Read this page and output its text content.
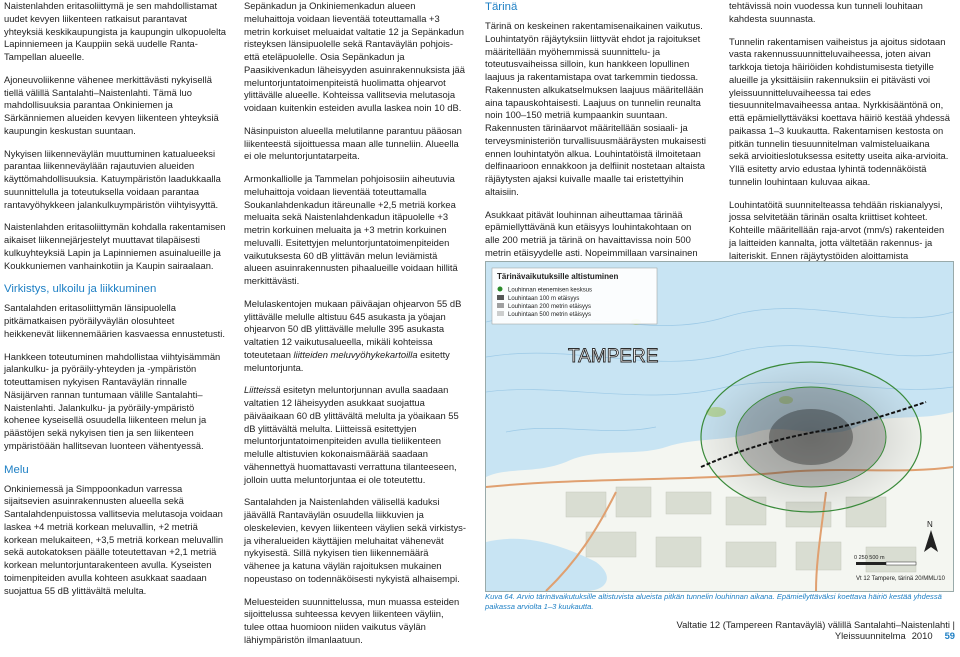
Naistenlahden eritasoliittymä je sen mahdollistamat uudet kevyen liikenteen ratkaisut parantavat yhteyksiä keskikaupungista ja kaupungin ulkopuolelta Lapinniemeen ja Kauppiin sekä uudelle Ranta-Tampellan alueelle.

Ajoneuvoliikenne vähenee merkittävästi nykyisellä tiellä välillä Santalahti–Naistenlahti. Tämä luo mahdollisuuksia parantaa Onkiniemen ja Särkänniemen alueiden kevyen liikenteen yhteyksiä kaupungin keskustan suuntaan.

Nykyisen liikenneväylän muuttuminen katualueeksi parantaa liikenneväylään rajautuvien alueiden käyttömahdollisuuksia. Katuympäristön laadukkaalla suunnittelulla ja toteutuksella voidaan parantaa rantavyöhykkeen jalankulkuympäristön viihtyisyyttä.

Naistenlahden eritasoliittymän kohdalla rakentamisen aikaiset liikennejärjestelyt muuttavat tilapäisesti kulkuyhteyksiä Lapin ja Lapinniemen asuinalueille ja Koukkuniemen vanhainkotiin ja Kaupin sairaalaan.

Virkistys, ulkoilu ja liikkuminen

Santalahden eritasoliittymän länsipuolella pitkämatkaisen pyöräilyväylän olosuhteet heikkenevät liikennemäärien kasvaessa ennustetusti.

Hankkeen toteutuminen mahdollistaa viihtyisämmän jalankulku- ja pyöräily-yhteyden ja -ympäristön toteuttamisen nykyisen Rantaväylän rinnalle Näsijärven rannan tuntumaan välille Santalahti–Naistenlahti. Jalankulku- ja pyöräily-ympäristö kohenee kyseisellä osuudella liikenteen melun ja päästöjen sekä nykyisen tien ja sen liikenteen ympäristöään hallitsevan luonteen vähentyessä.

Melu

Onkiniemessä ja Simppoonkadun varressa sijaitsevien asuinrakennusten alueella sekä Santalahdenpuistossa vallitsevia melutasoja voidaan laskea +4 metriä korkean meluvallin, +2 metriä korkean melukaiteen, +3,5 metriä korkean meluvallin sekä autokatoksen päälle toteutettavan +2,1 metriä korkean meluntorjuntarakenteen avulla. Kyseisten toimenpiteiden avulla kohteen asukkaat saadaan suojattua 55 dB ylittävältä melulta.

Sepänkadun ja Onkiniemenkadun alueen meluhaittoja voidaan lieventää toteuttamalla +3 metrin korkuiset meluaidat valtatie 12 ja Sepänkadun risteyksen länsipuolelle sekä Rantaväylän pohjois- että eteläpuolelle. Osia Sepänkadun ja Paasikivenkadun läheisyyden asuinrakennuksista jää meluntorjuntatoimenpiteistä huolimatta ohjearvot ylittävälle alueelle. Kohteissa vallitsevia melutasoja voidaan kuitenkin esteiden avulla laskea noin 10 dB.

Näsinpuiston alueella melutilanne parantuu pääosan liikenteestä sijoittuessa maan alle tunneliin. Alueella ei ole meluntorjuntatarpeita.

Armonkalliolle ja Tammelan pohjoisosiin aiheutuvia meluhaittoja voidaan lieventää toteuttamalla Soukanlahdenkadun itäreunalle +2,5 metriä korkea meluaita sekä Naistenlahdenkadun itäpuolelle +3 metrin korkuinen meluaita ja +3 metrin korkuinen meluvalli. Esitettyjen meluntorjuntatoimenpiteiden vaikutuksesta 60 dB ylittävän melun leviämistä alueen asuinrakennusten pihaalueille voidaan hillitä merkittävästi.

Melulaskentojen mukaan päiväajan ohjearvon 55 dB ylittävälle melulle altistuu 645 asukasta ja yöajan ohjearvon 50 dB ylittävälle melulle 395 asukasta valtatien 12 vaikutusalueella, mikäli kohteissa toteutetaan liitteiden meluvyöhykekartoilla esitetty meluntorjunta.

Liitteissä esitetyn meluntorjunnan avulla saadaan valtatien 12 läheisyyden asukkaat suojattua päiväaikaan 60 dB ylittävältä melulta ja yöaikaan 55 dB ylittävältä melulta. Liitteissä esitettyjen meluntorjuntatoimenpiteiden avulla tieliikenteen melulle altistuvien kokonaismäärää saadaan vähennettyä huomattavasti verrattuna tilanteeseen, jolloin uutta meluntorjuntaa ei ole toteutettu.

Santalahden ja Naistenlahden välisellä kaduksi jäävällä Rantaväylän osuudella liikkuvien ja oleskelevien, kevyen liikenteen väylien sekä virkistys- ja viheralueiden käyttäjien meluhaitat vähenevät nykyisestä. Sillä nykyisen tien liikennemäärä vähenee ja katuna väylän rajoituksen mukainen nopeustaso on todennäköisesti nykyistä alhaisempi.

Meluesteiden suunnittelussa, mun muassa esteiden sijoittelussa suhteessa kevyen liikenteen väyliin, tulee ottaa huomioon niiden vaikutus väylän lähiympäristön ilmanlaatuun.

Tärinä

Tärinä on keskeinen rakentamisenaikainen vaikutus. Louhintatyön räjäytyksiin liittyvät ehdot ja rajoitukset määritellään myöhemmissä suunnittelu- ja toteutusvaiheissa silloin, kun hankkeen lopullinen laajuus ja rakentamistapa ovat tarkemmin tiedossa. Rakennusten alkukatselmuksen laajuus määritellään aina tapauskohtaisesti. Laajuus on tunnelin reunalta noin 100–150 metriä kumpaankin suuntaan. Rakennusten tärinäarvot määritellään sosiaali- ja terveysministeriön turvallisuusmääräysten mukaisesti ennen louhintatyön alkua. Louhintatöistä ilmoitetaan delfinaarioon ennakkoon ja delfiinit nostetaan altaista räjäytysten ajaksi kuivalle maalle tai eristettyihin altaisiin.

Asukkaat pitävät louhinnan aiheuttamaa tärinää epämiellyttävänä kun etäisyys louhintakohtaan on alle 200 metriä ja tärinä on havaittavissa noin 500 metrin etäisyydelle asti. Nopeimmillaan varsinainen

tehtävissä noin vuodessa kun tunneli louhitaan kahdesta suunnasta.

Tunnelin rakentamisen vaiheistus ja ajoitus sidotaan vasta rakennussuunnitteluvaiheessa, joten aivan tarkkoja tietoja häiriöiden kohdistumisesta tietyille alueille ja yksittäisiin rakennuksiin ei pitävästi voi yleissuunnitteluvaiheessa tai edes tiesuunnitelmavaiheessa antaa. Nyrkkisääntönä on, että epämiellyttäväksi koettava häiriö kestää yhdessä paikassa 1–3 kuukautta. Rakentamisen kestosta on pitkän tunnelin tiesuunnitelman valmisteluaikana sekä arvioitieslotuksessa esitetty useita aika-arvioita. Yllä esitetty arvio edustaa lyhintä todennäköistä tunnelin louhintaan kuluvaa aikaa.

Louhintatöitä suunnitelteassa tehdään riskianalyysi, jossa selvitetään tärinän osalta kriittiset kohteet. Kohteille määritellään raja-arvot (mm/s) rakenteiden ja laitteiden kannalta, jotta vältetään rakennus- ja laiteriskit. Ennen räjäytystöiden aloittamista

Tärinävaikutuksille altistuminen
Louhinnan etenemisen kesksus
Louhintaan 100 m etäisyys
Louhintaan 200 metrin etäisyys
Louhintaan 500 metrin etäisyys
TAMPERE
N
0 250 500 m
Vt 12 Tampere, tärinä 20/MML/10
Kuva 64. Arvio tärinävaikutuksille altistuvista alueista pitkän tunnelin louhinnan aikana. Epämiellyttäväksi koettava häiriö kestää yhdessä paikassa arviolta 1–3 kuukautta.
Valtatie 12 (Tampereen Rantaväylä) välillä Santalahti–Naistenlahti | Yleissuunnitelma 2010 59
